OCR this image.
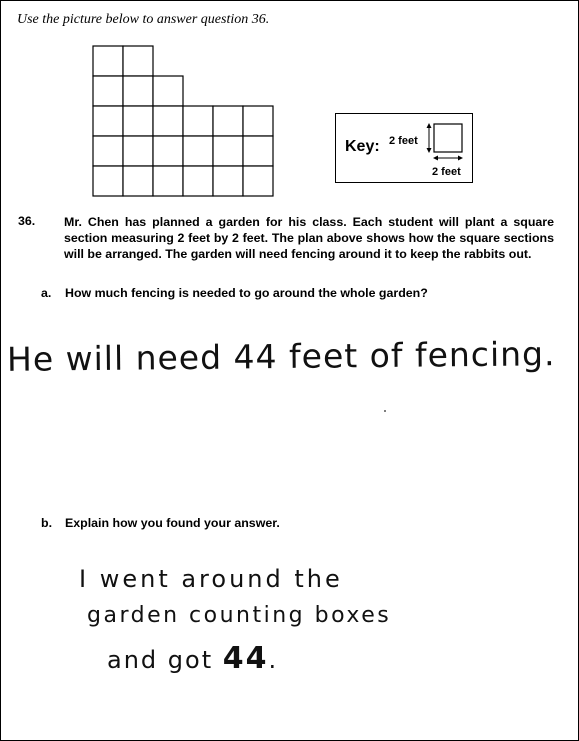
Use the picture below to answer question 36.
Key: 2 feet
2 feet
36. Mr. Chen has planned a garden for his class. Each student will plant a square section measuring 2 feet by 2 feet. The plan above shows how the square sections will be arranged. The garden will need fencing around it to keep the rabbits out.
a. How much fencing is needed to go around the whole garden?
He will need 44 feet of fencing.
b. Explain how you found your answer.
I went around the
garden counting boxes
and got 44.
